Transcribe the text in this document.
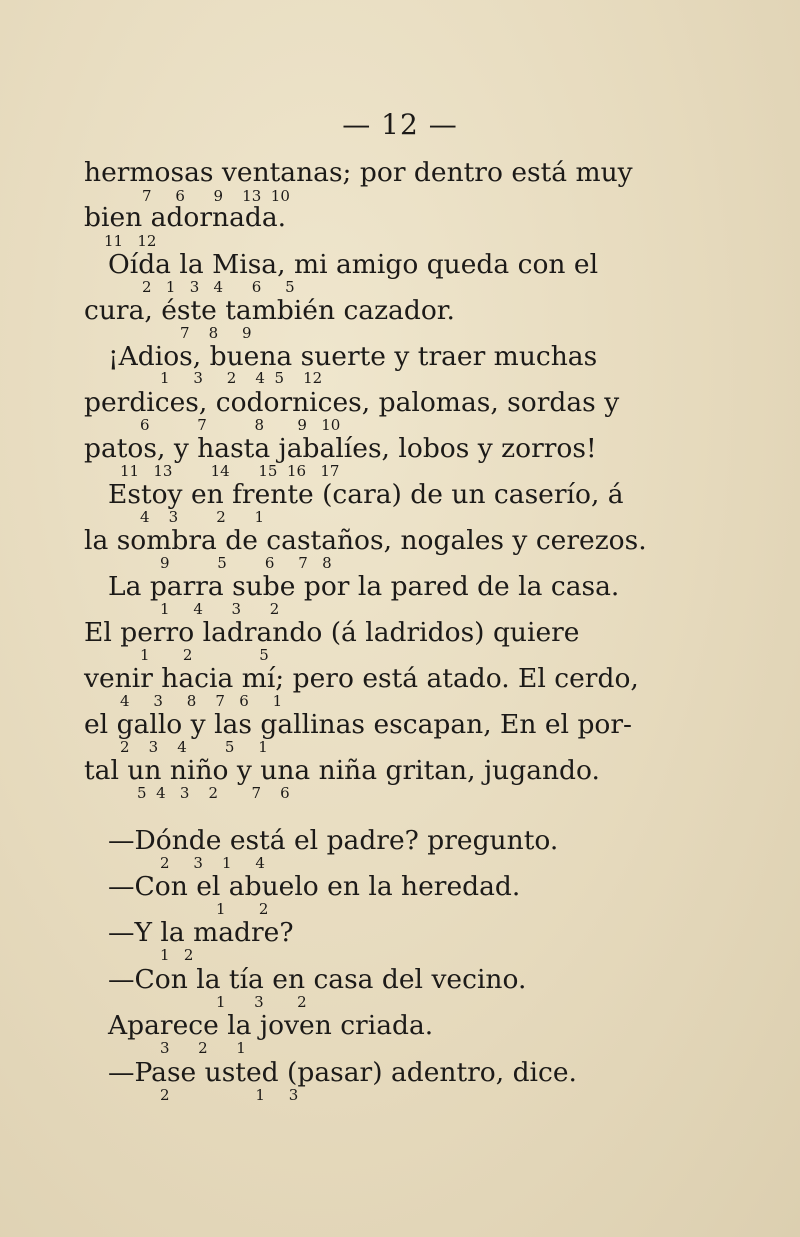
— 12 —
hermosas ventanas; por dentro está muy
7     6      9    13  10
bien adornada.
11   12
Oída la Misa, mi amigo queda con el
2   1   3   4      6     5
cura, éste también cazador.
7    8     9
¡Adios, buena suerte y traer muchas
1     3     2    4  5    12
perdices, codornices, palomas, sordas y
6          7          8       9   10
patos, y hasta jabalíes, lobos y zorros!
11   13        14      15  16   17
Estoy en frente (cara) de un caserío, á
4    3        2      1
la sombra de castaños, nogales y cerezos.
9          5        6     7   8
La parra sube por la pared de la casa.
1     4      3      2
El perro ladrando (á ladridos) quiere
1       2              5
venir hacia mí; pero está atado. El cerdo,
4     3     8    7   6     1
el gallo y las gallinas escapan, En el por-
2    3    4        5     1
tal un niño y una niña gritan, jugando.
5  4   3    2       7    6
—Dónde está el padre? pregunto.
2     3    1     4
—Con el abuelo en la heredad.
1       2
—Y la madre?
1   2
—Con la tía en casa del vecino.
1      3       2
Aparece la joven criada.
3      2      1
—Pase usted (pasar) adentro, dice.
2                  1     3
